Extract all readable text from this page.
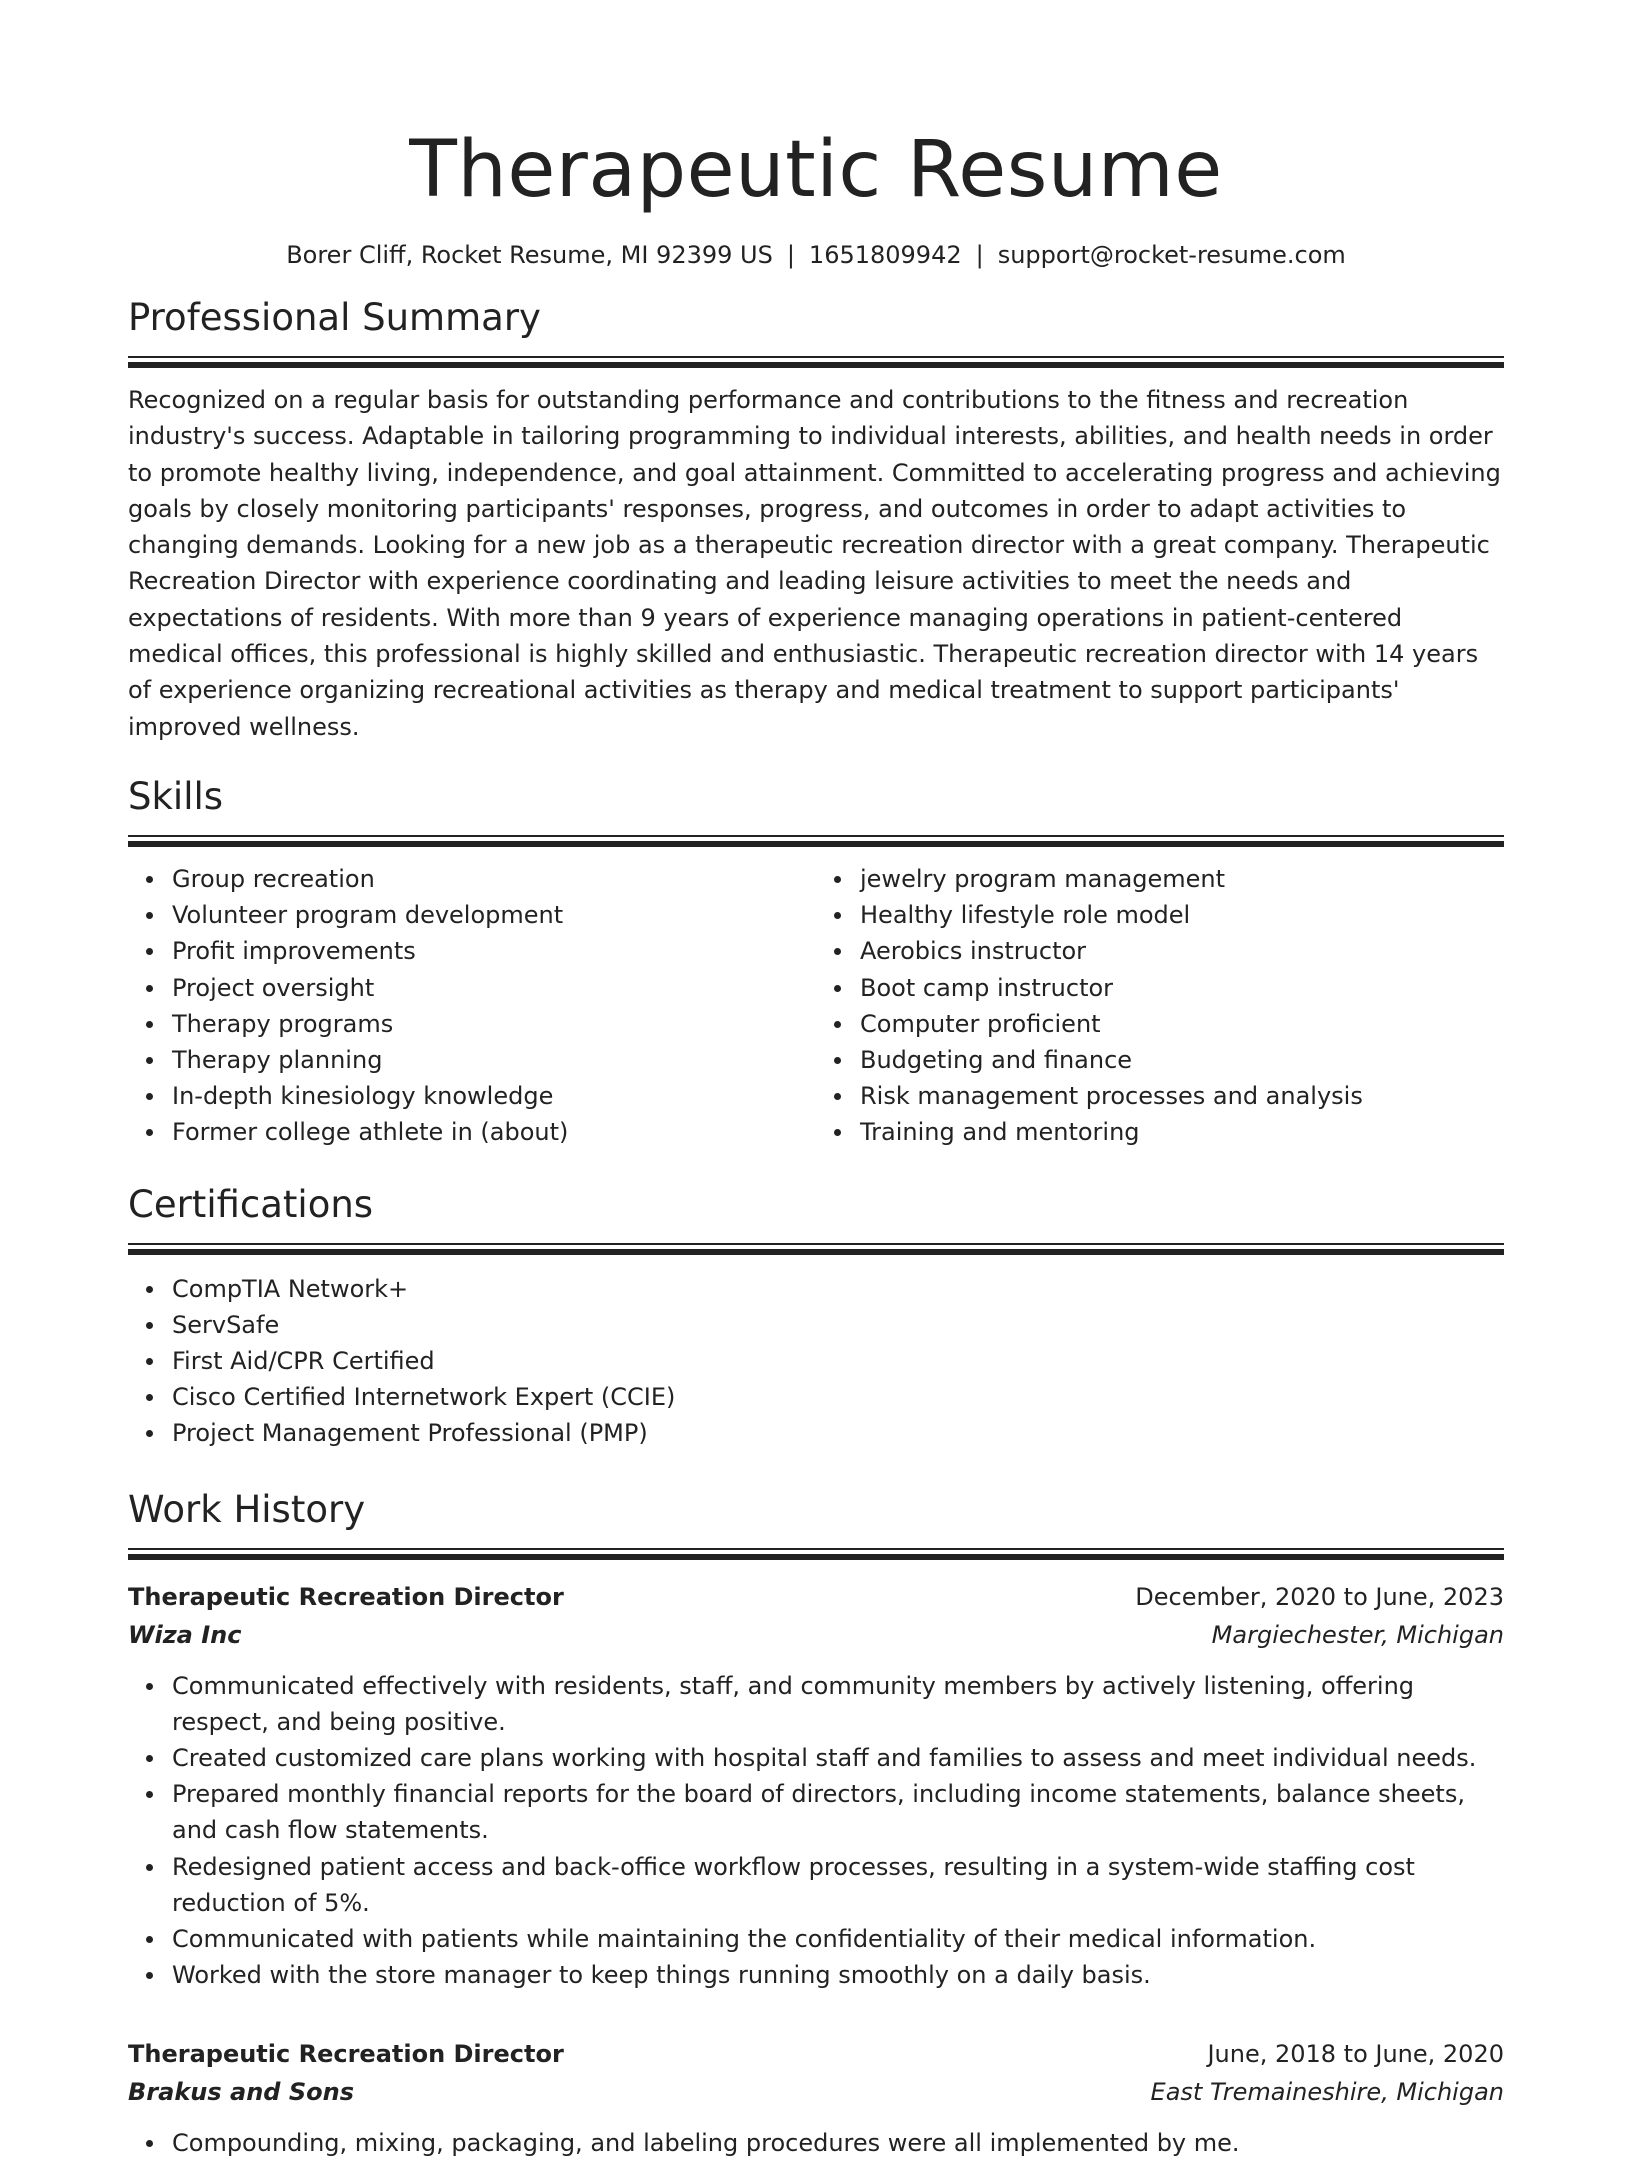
Therapeutic Resume
Borer Cliff, Rocket Resume, MI 92399 US | 1651809942 | support@rocket-resume.com
Professional Summary

Recognized on a regular basis for outstanding performance and contributions to the fitness and recreation industry's success. Adaptable in tailoring programming to individual interests, abilities, and health needs in order to promote healthy living, independence, and goal attainment. Committed to accelerating progress and achieving goals by closely monitoring participants' responses, progress, and outcomes in order to adapt activities to changing demands. Looking for a new job as a therapeutic recreation director with a great company. Therapeutic Recreation Director with experience coordinating and leading leisure activities to meet the needs and expectations of residents. With more than 9 years of experience managing operations in patient-centered medical offices, this professional is highly skilled and enthusiastic. Therapeutic recreation director with 14 years of experience organizing recreational activities as therapy and medical treatment to support participants' improved wellness.

Skills
Group recreation
Volunteer program development
Profit improvements
Project oversight
Therapy programs
Therapy planning
In-depth kinesiology knowledge
Former college athlete in (about)
jewelry program management
Healthy lifestyle role model
Aerobics instructor
Boot camp instructor
Computer proficient
Budgeting and finance
Risk management processes and analysis
Training and mentoring
Certifications
CompTIA Network+
ServSafe
First Aid/CPR Certified
Cisco Certified Internetwork Expert (CCIE)
Project Management Professional (PMP)
Work History
Therapeutic Recreation Director	December, 2020 to June, 2023
Wiza Inc	Margiechester, Michigan
Communicated effectively with residents, staff, and community members by actively listening, offering respect, and being positive.
Created customized care plans working with hospital staff and families to assess and meet individual needs.
Prepared monthly financial reports for the board of directors, including income statements, balance sheets, and cash flow statements.
Redesigned patient access and back-office workflow processes, resulting in a system-wide staffing cost reduction of 5%.
Communicated with patients while maintaining the confidentiality of their medical information.
Worked with the store manager to keep things running smoothly on a daily basis.
Therapeutic Recreation Director	June, 2018 to June, 2020
Brakus and Sons	East Tremaineshire, Michigan
Compounding, mixing, packaging, and labeling procedures were all implemented by me.
